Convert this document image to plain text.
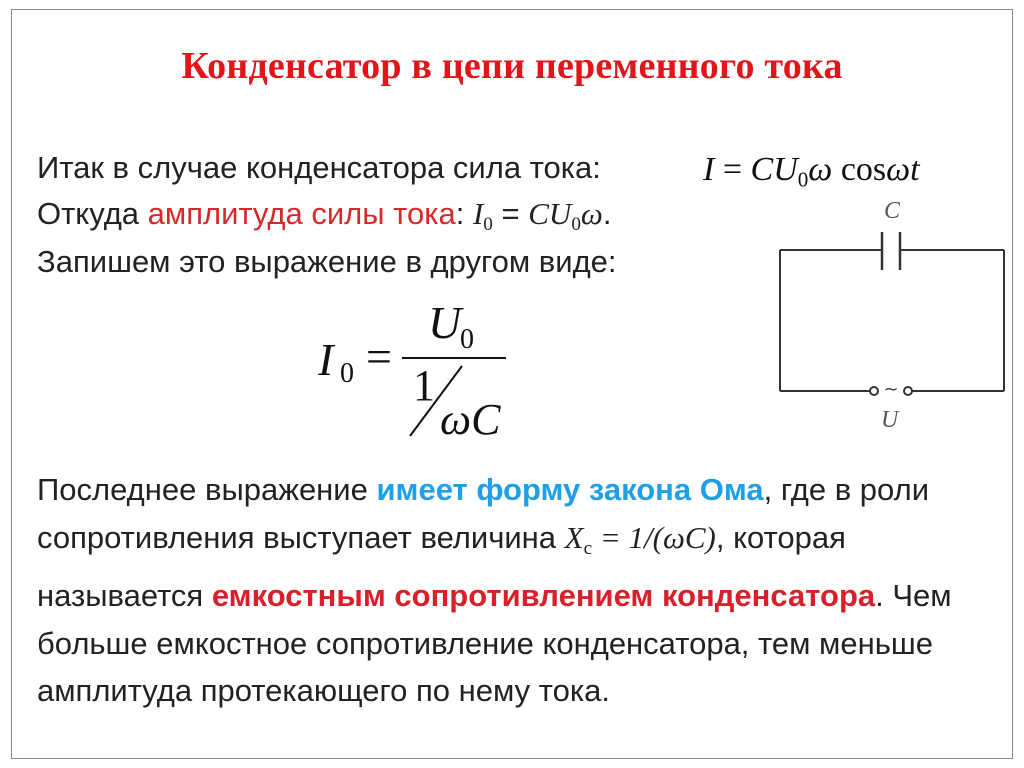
Конденсатор в цепи переменного тока
Итак в случае конденсатора сила тока:	$I = CU_0\omega$ cosωt
Откуда амплитуда силы тока: $I_0 = CU_0\omega$.
Запишем это выражение в другом виде:
I 0 =
U
0
1
ωC
∼
C
U
Последнее выражение имеет форму закона Ома, где в роли сопротивления выступает величина $X_c = 1/(\omega C)$, которая называется емкостным сопротивлением конденсатора. Чем больше емкостное сопротивление конденсатора, тем меньше амплитуда протекающего по нему тока.
